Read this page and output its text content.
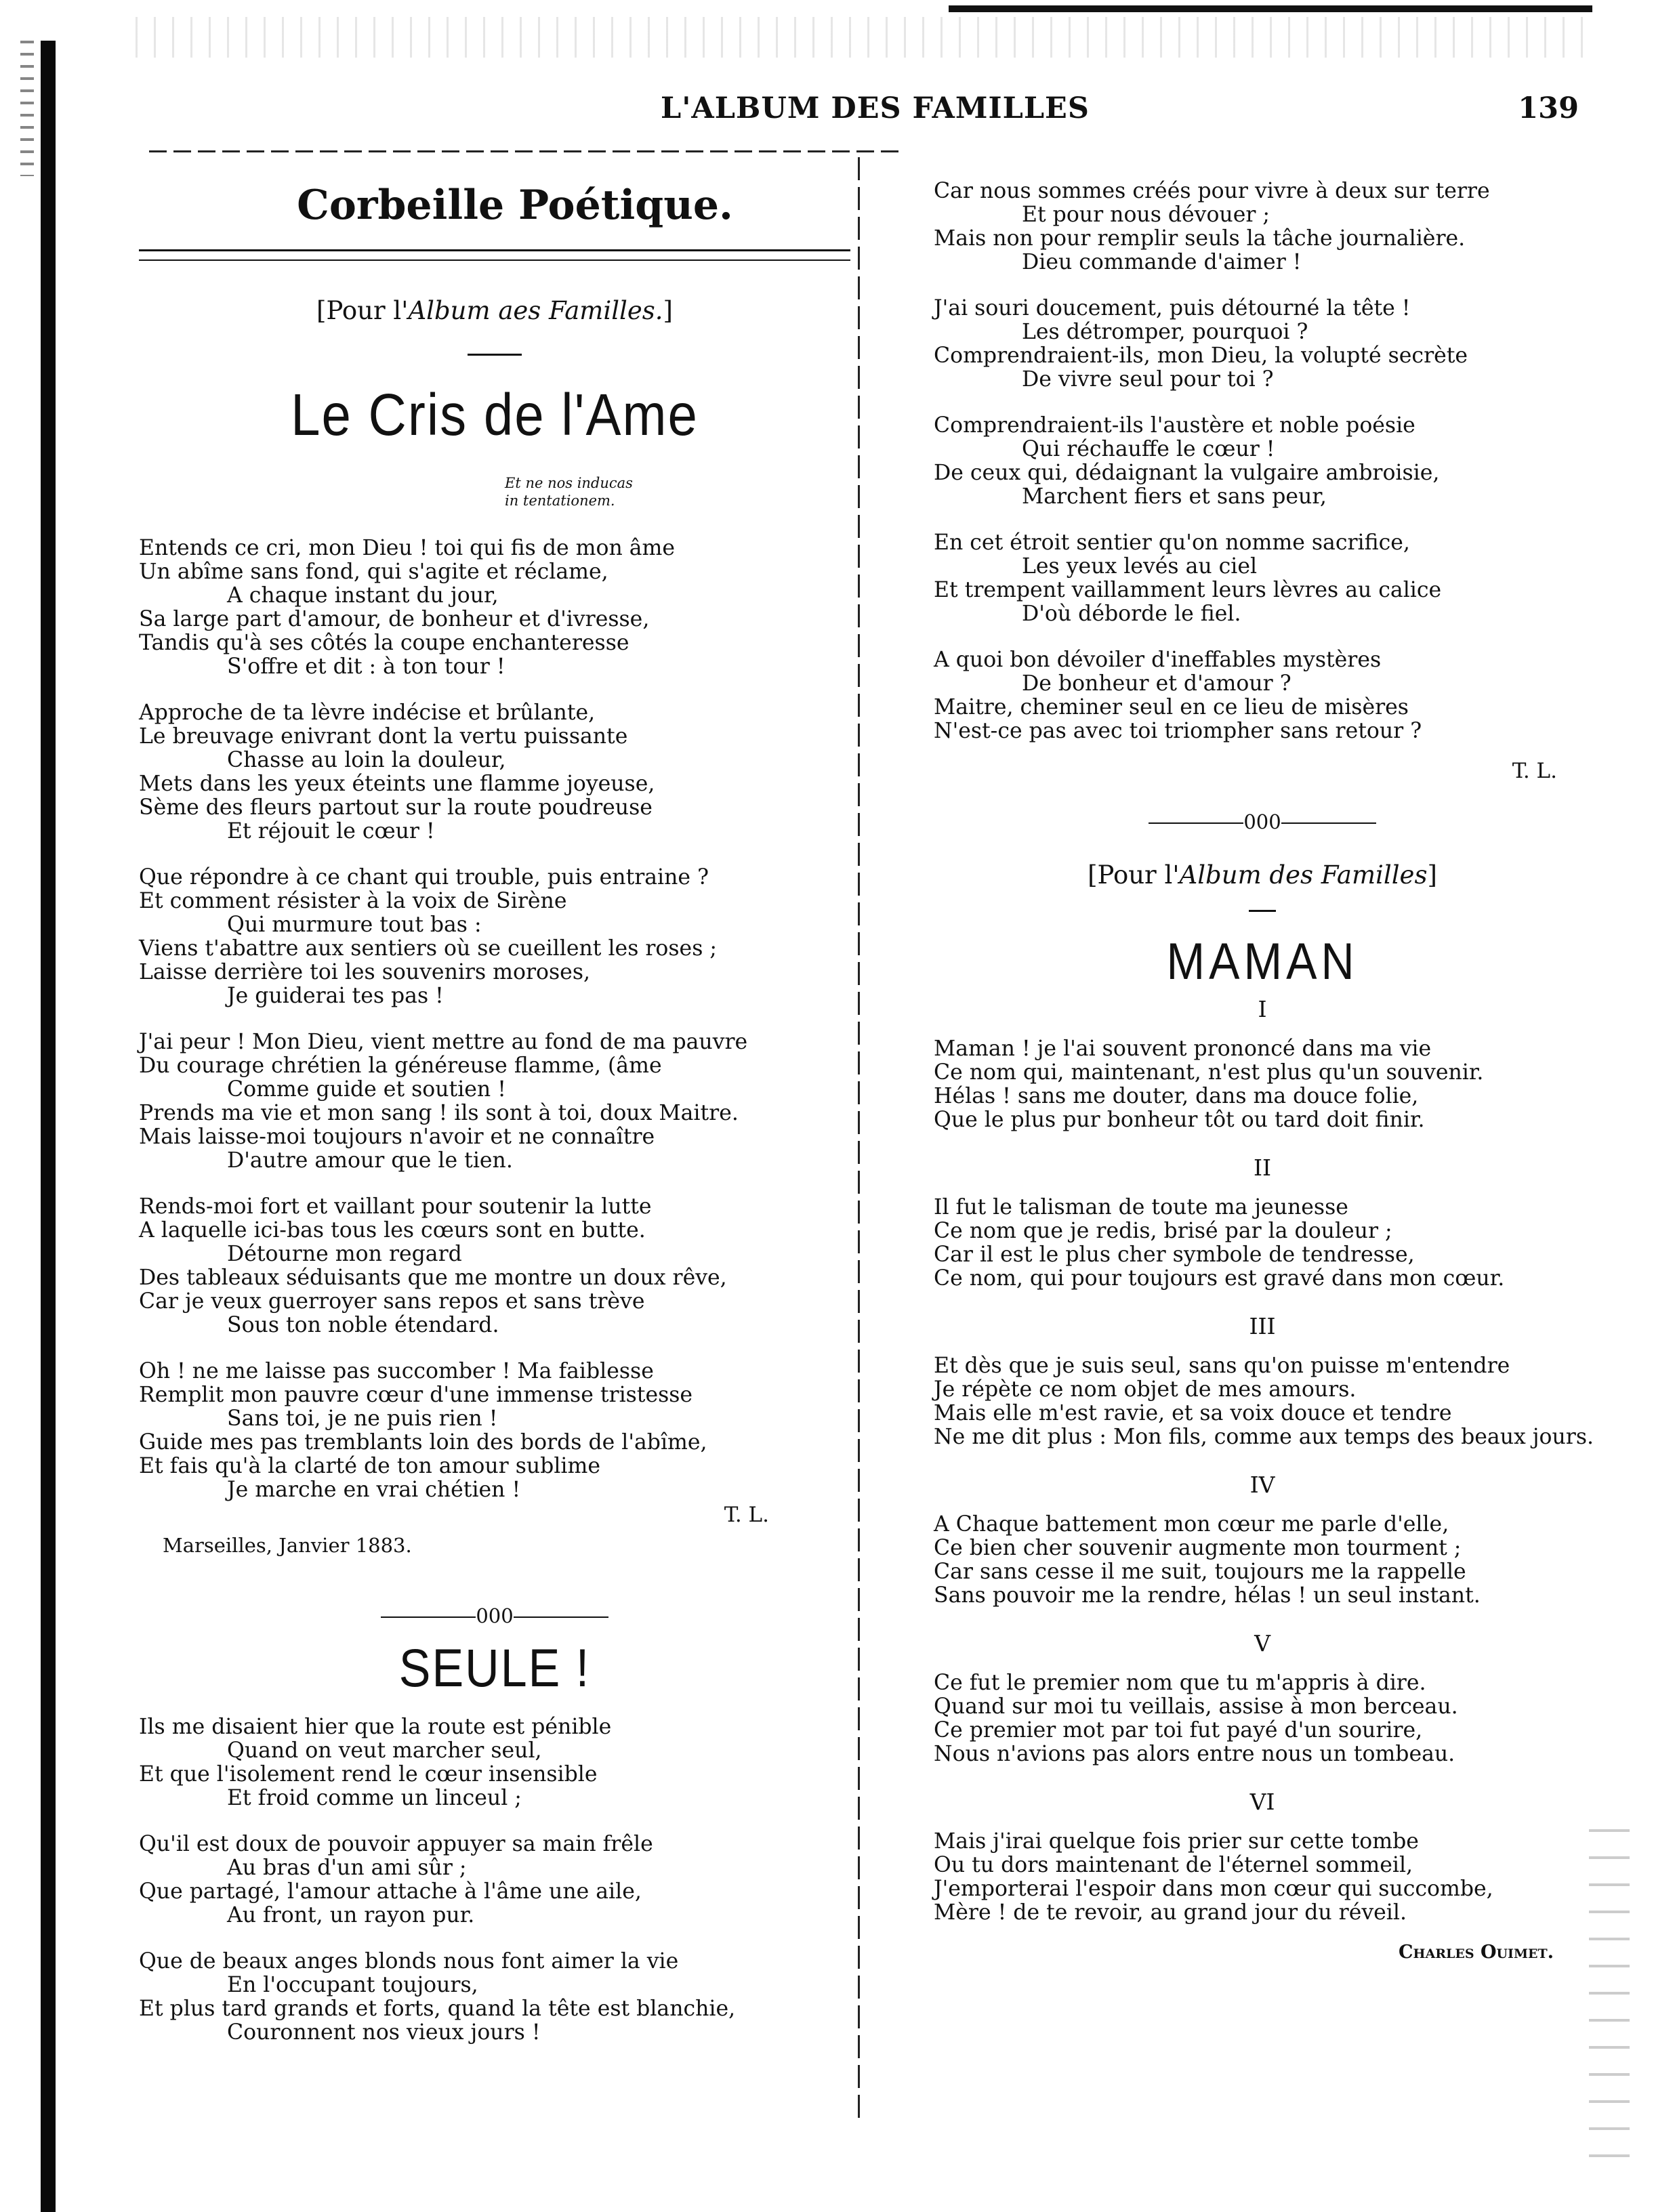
L'ALBUM DES FAMILLES	139
Corbeille Poétique.
[Pour l'Album aes Familles.]
Le Cris de l'Ame
Et ne nos inducas in tentationem.
Entends ce cri, mon Dieu ! toi qui fis de mon âme
Un abîme sans fond, qui s'agite et réclame,
A chaque instant du jour,
Sa large part d'amour, de bonheur et d'ivresse,
Tandis qu'à ses côtés la coupe enchanteresse
S'offre et dit : à ton tour !
Approche de ta lèvre indécise et brûlante,
Le breuvage enivrant dont la vertu puissante
Chasse au loin la douleur,
Mets dans les yeux éteints une flamme joyeuse,
Sème des fleurs partout sur la route poudreuse
Et réjouit le cœur !
Que répondre à ce chant qui trouble, puis entraine ?
Et comment résister à la voix de Sirène
Qui murmure tout bas :
Viens t'abattre aux sentiers où se cueillent les roses ;
Laisse derrière toi les souvenirs moroses,
Je guiderai tes pas !
J'ai peur ! Mon Dieu, vient mettre au fond de ma pauvre
Du courage chrétien la généreuse flamme, (âme
Comme guide et soutien !
Prends ma vie et mon sang ! ils sont à toi, doux Maitre.
Mais laisse-moi toujours n'avoir et ne connaître
D'autre amour que le tien.
Rends-moi fort et vaillant pour soutenir la lutte
A laquelle ici-bas tous les cœurs sont en butte.
Détourne mon regard
Des tableaux séduisants que me montre un doux rêve,
Car je veux guerroyer sans repos et sans trève
Sous ton noble étendard.
Oh ! ne me laisse pas succomber ! Ma faiblesse
Remplit mon pauvre cœur d'une immense tristesse
Sans toi, je ne puis rien !
Guide mes pas tremblants loin des bords de l'abîme,
Et fais qu'à la clarté de ton amour sublime
Je marche en vrai chétien !
T. L.
Marseilles, Janvier 1883.
000
SEULE !
Ils me disaient hier que la route est pénible
Quand on veut marcher seul,
Et que l'isolement rend le cœur insensible
Et froid comme un linceul ;
Qu'il est doux de pouvoir appuyer sa main frêle
Au bras d'un ami sûr ;
Que partagé, l'amour attache à l'âme une aile,
Au front, un rayon pur.
Que de beaux anges blonds nous font aimer la vie
En l'occupant toujours,
Et plus tard grands et forts, quand la tête est blanchie,
Couronnent nos vieux jours !
Car nous sommes créés pour vivre à deux sur terre
Et pour nous dévouer ;
Mais non pour remplir seuls la tâche journalière.
Dieu commande d'aimer !
J'ai souri doucement, puis détourné la tête !
Les détromper, pourquoi ?
Comprendraient-ils, mon Dieu, la volupté secrète
De vivre seul pour toi ?
Comprendraient-ils l'austère et noble poésie
Qui réchauffe le cœur !
De ceux qui, dédaignant la vulgaire ambroisie,
Marchent fiers et sans peur,
En cet étroit sentier qu'on nomme sacrifice,
Les yeux levés au ciel
Et trempent vaillamment leurs lèvres au calice
D'où déborde le fiel.
A quoi bon dévoiler d'ineffables mystères
De bonheur et d'amour ?
Maitre, cheminer seul en ce lieu de misères
N'est-ce pas avec toi triompher sans retour ?
T. L.
000
[Pour l'Album des Familles]
MAMAN
I
Maman ! je l'ai souvent prononcé dans ma vie
Ce nom qui, maintenant, n'est plus qu'un souvenir.
Hélas ! sans me douter, dans ma douce folie,
Que le plus pur bonheur tôt ou tard doit finir.
II
Il fut le talisman de toute ma jeunesse
Ce nom que je redis, brisé par la douleur ;
Car il est le plus cher symbole de tendresse,
Ce nom, qui pour toujours est gravé dans mon cœur.
III
Et dès que je suis seul, sans qu'on puisse m'entendre
Je répète ce nom objet de mes amours.
Mais elle m'est ravie, et sa voix douce et tendre
Ne me dit plus : Mon fils, comme aux temps des beaux jours.
IV
A Chaque battement mon cœur me parle d'elle,
Ce bien cher souvenir augmente mon tourment ;
Car sans cesse il me suit, toujours me la rappelle
Sans pouvoir me la rendre, hélas ! un seul instant.
V
Ce fut le premier nom que tu m'appris à dire.
Quand sur moi tu veillais, assise à mon berceau.
Ce premier mot par toi fut payé d'un sourire,
Nous n'avions pas alors entre nous un tombeau.
VI
Mais j'irai quelque fois prier sur cette tombe
Ou tu dors maintenant de l'éternel sommeil,
J'emporterai l'espoir dans mon cœur qui succombe,
Mère ! de te revoir, au grand jour du réveil.
Charles Ouimet.
